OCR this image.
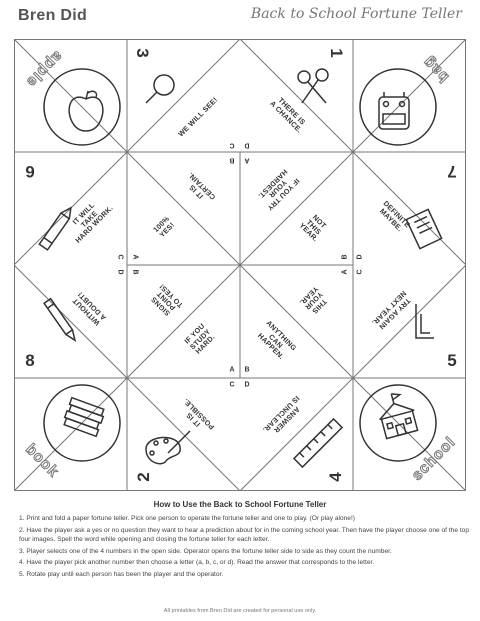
Bren Did	Back to School Fortune Teller
apple	bag
book	school
3	1
6	7
8	5
2	4
C D
B A
C
D
A
B
B
A
D
C
A B
C D
WE WILL SEE!	THERE IS
A CHANCE.
IT IS
CERTAIN.	IF YOU TRY
YOUR
HARDEST.
IT WILL
TAKE
HARD WORK.	100%
YES!	NOT
THIS
YEAR.
DEFINITE
MAYBE.
WITHOUT
A DOUBT!	SIGNS
POINT
TO YES!	THIS
YOUR
YEAR.
TRY AGAIN
NEXT YEAR.
IF YOU
STUDY
HARD.	ANYTHING
CAN
HAPPEN.
IT IS
POSSIBLE.	ANSWER
IS UNCLEAR.
How to Use the Back to School Fortune Teller
1. Print and fold a paper fortune teller. Pick one person to operate the fortune teller and one to play. (Or play alone!)
2. Have the player ask a yes or no question they want to hear a prediction about for in the coming school year. Then have the player choose one of the top four images. Spell the word while opening and closing the fortune teller for each letter.
3. Player selects one of the 4 numbers in the open side. Operator opens the fortune teller side to side as they count the number.
4. Have the player pick another number then choose a letter (a, b, c, or d). Read the answer that corresponds to the letter.
5. Rotate play until each person has been the player and the operator.
All printables from Bren Did are created for personal use only.
